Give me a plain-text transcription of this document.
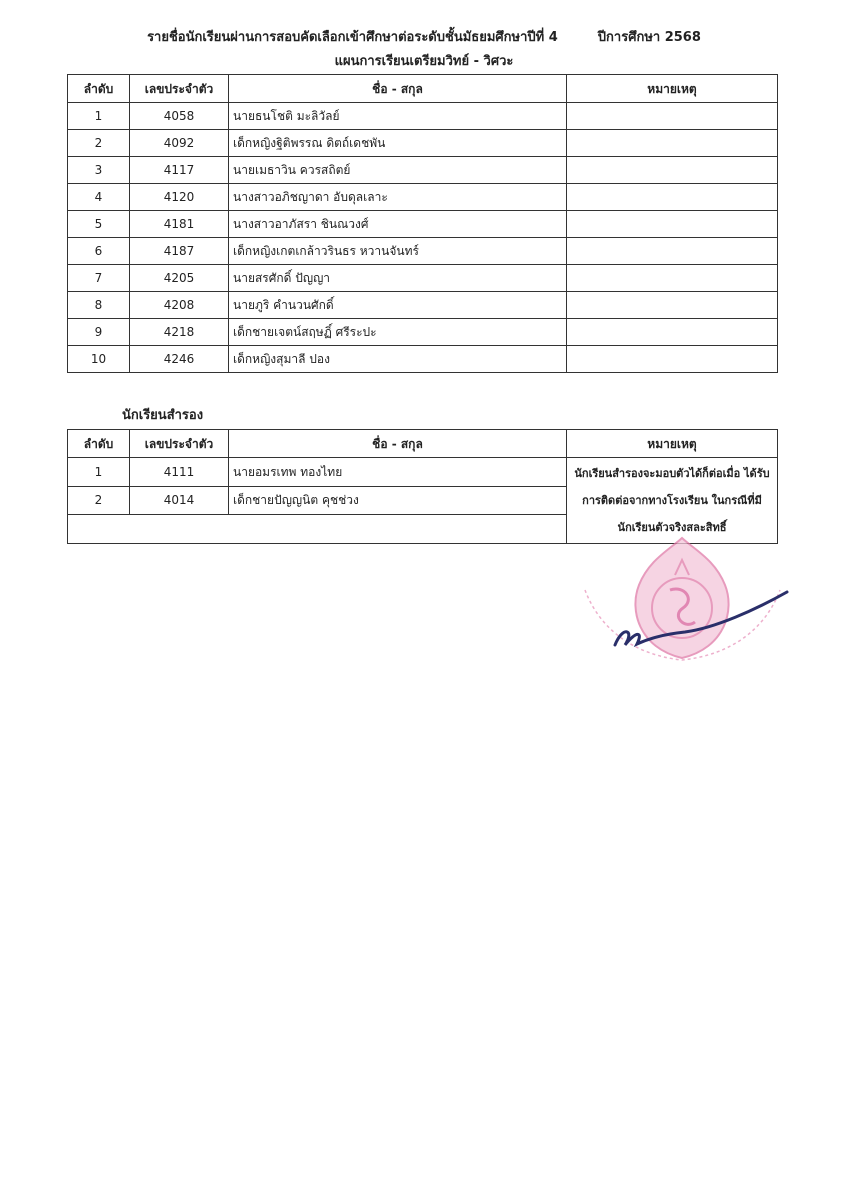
รายชื่อนักเรียนผ่านการสอบคัดเลือกเข้าศึกษาต่อระดับชั้นมัธยมศึกษาปีที่ 4	ปีการศึกษา 2568
แผนการเรียนเตรียมวิทย์ - วิศวะ
ลำดับ	เลขประจำตัว	ชื่อ - สกุล	หมายเหตุ
1	4058	นายธนโชติ มะลิวัลย์	
2	4092	เด็กหญิงฐิติพรรณ ดิตถ์เดชพัน	
3	4117	นายเมธาวิน ควรสถิตย์	
4	4120	นางสาวอภิชญาดา อับดุลเลาะ	
5	4181	นางสาวอาภัสรา ชินณวงศ์	
6	4187	เด็กหญิงเกตเกล้าวรินธร หวานจันทร์	
7	4205	นายสรศักดิ์ ปัญญา	
8	4208	นายภูริ คำนวนศักดิ์	
9	4218	เด็กชายเจตน์สฤษฏิ์ ศรีระปะ	
10	4246	เด็กหญิงสุมาลี ปอง	
นักเรียนสำรอง
ลำดับ	เลขประจำตัว	ชื่อ - สกุล	หมายเหตุ
1	4111	นายอมรเทพ ทองไทย	นักเรียนสำรองจะมอบตัวได้ก็ต่อเมื่อ ได้รับการติดต่อจากทางโรงเรียน ในกรณีที่มีนักเรียนตัวจริงสละสิทธิ์
2	4014	เด็กชายปัญญนิต คุชช่วง	
